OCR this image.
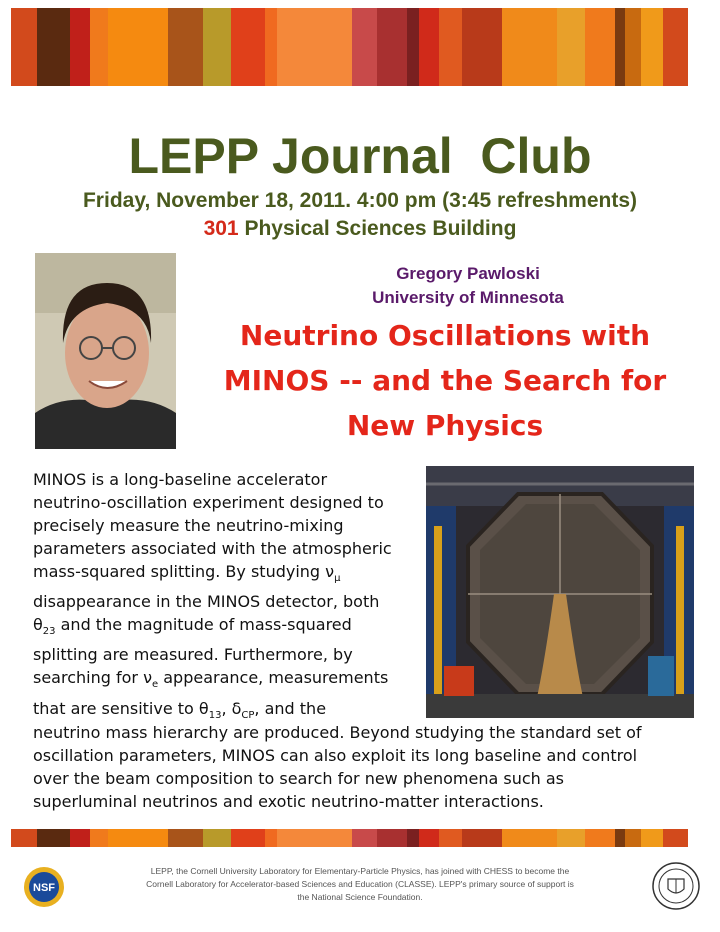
LEPP Journal  Club
Friday, November 18, 2011. 4:00 pm (3:45 refreshments)
301 Physical Sciences Building
Gregory Pawloski
University of Minnesota
Neutrino Oscillations with
MINOS -- and the Search for
New Physics
MINOS is a long-baseline accelerator
neutrino-oscillation experiment designed to
precisely measure the neutrino-mixing
parameters associated with the atmospheric
mass-squared splitting. By studying $\nu_\mu$
disappearance in the MINOS detector, both
$\theta_{23}$ and the magnitude of mass-squared
splitting are measured. Furthermore, by
searching for $\nu_e$ appearance, measurements
that are sensitive to $\theta_{13}$, $\delta_{CP}$, and the
neutrino mass hierarchy are produced. Beyond studying the standard set of
oscillation parameters, MINOS can also exploit its long baseline and control
over the beam composition to search for new phenomena such as
superluminal neutrinos and exotic neutrino-matter interactions.
NSF
LEPP, the Cornell University Laboratory for Elementary-Particle Physics, has joined with CHESS to become the
Cornell Laboratory for Accelerator-based Sciences and Education (CLASSE). LEPP's primary source of support is
the National Science Foundation.
